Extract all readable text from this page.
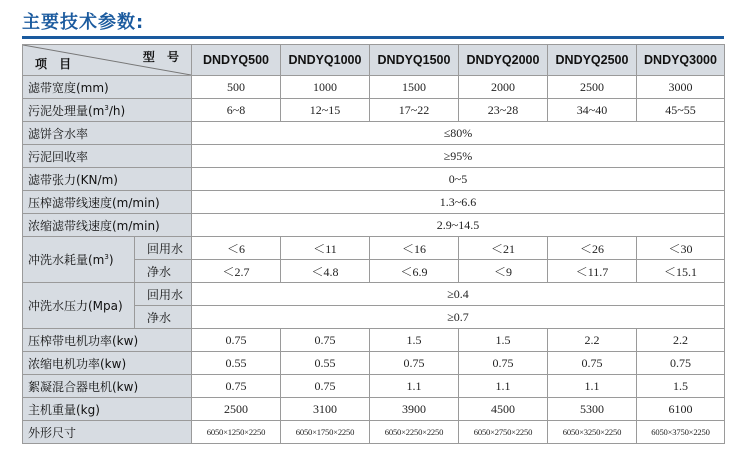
主要技术参数:
型 号
项 目		DNDYQ500	DNDYQ1000	DNDYQ1500	DNDYQ2000	DNDYQ2500	DNDYQ3000
滤带宽度(mm)		500	1000	1500	2000	2500	3000
污泥处理量$(m^3/h)$		6~8	12~15	17~22	23~28	34~40	45~55
滤饼含水率		≤80%					
污泥回收率		≥95%					
滤带张力(KN/m)		0~5					
压榨滤带线速度(m/min)		1.3~6.6					
浓缩滤带线速度(m/min)		2.9~14.5					
冲洗水耗量$(m^3)$	回用水	＜6	＜11	＜16	＜21	＜26	＜30
	净水	＜2.7	＜4.8	＜6.9	＜9	＜11.7	＜15.1
冲洗水压力(Mpa)	回用水	≥0.4					
	净水	≥0.7					
压榨带电机功率(kw)		0.75	0.75	1.5	1.5	2.2	2.2
浓缩电机功率(kw)		0.55	0.55	0.75	0.75	0.75	0.75
絮凝混合器电机(kw)		0.75	0.75	1.1	1.1	1.1	1.5
主机重量(kg)		2500	3100	3900	4500	5300	6100
外形尺寸		6050×1250×2250	6050×1750×2250	6050×2250×2250	6050×2750×2250	6050×3250×2250	6050×3750×2250
